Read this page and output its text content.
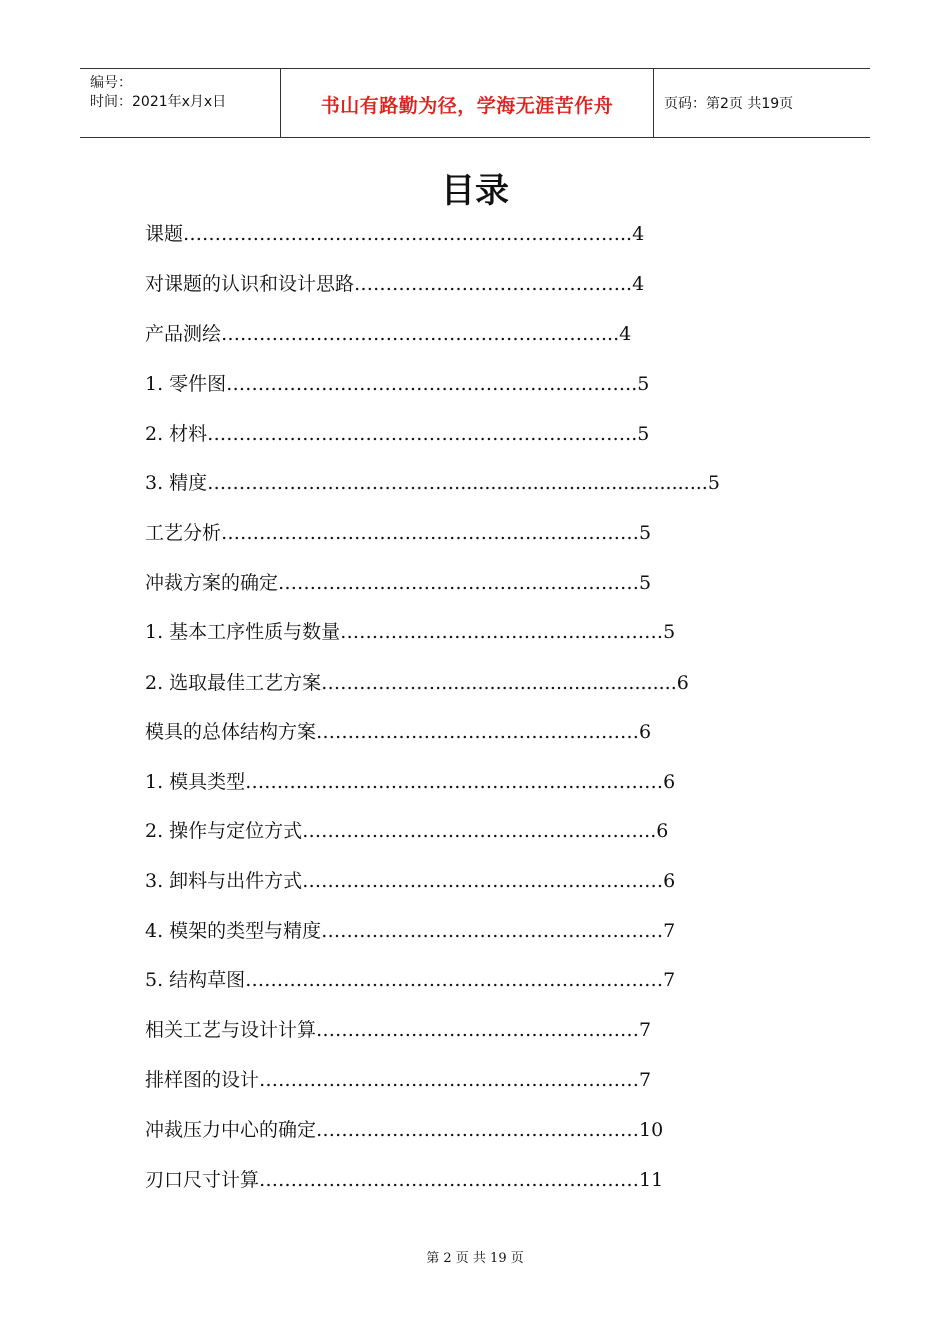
编号：
时间：2021年x月x日	书山有路勤为径，学海无涯苦作舟	页码：第2页 共19页
目录
课题……………………………………………………………..4
对课题的认识和设计思路……………………………………..4
产品测绘……………………………………………………...4
1. 零件图………………………………………………………..5
2. 材料…………………………………………………………..5
3. 精度…………………………………..........................................5
工艺分析…………………………………………………………5
冲裁方案的确定…………………………………………………5
1. 基本工序性质与数量……………………………………………5
2. 选取最佳工艺方案………………........................................6
模具的总体结构方案……………………………………………6
1. 模具类型…………………………………………………………6
2. 操作与定位方式………………………………………………..6
3. 卸料与出件方式…………………………………………………6
4. 模架的类型与精度………………………………………………7
5. 结构草图…………………………………………………………7
相关工艺与设计计算……………………………………………7
排样图的设计……………………………………………………7
冲裁压力中心的确定……………………………………………10
刃口尺寸计算……………………………………………………11
第 2 页 共 19 页
